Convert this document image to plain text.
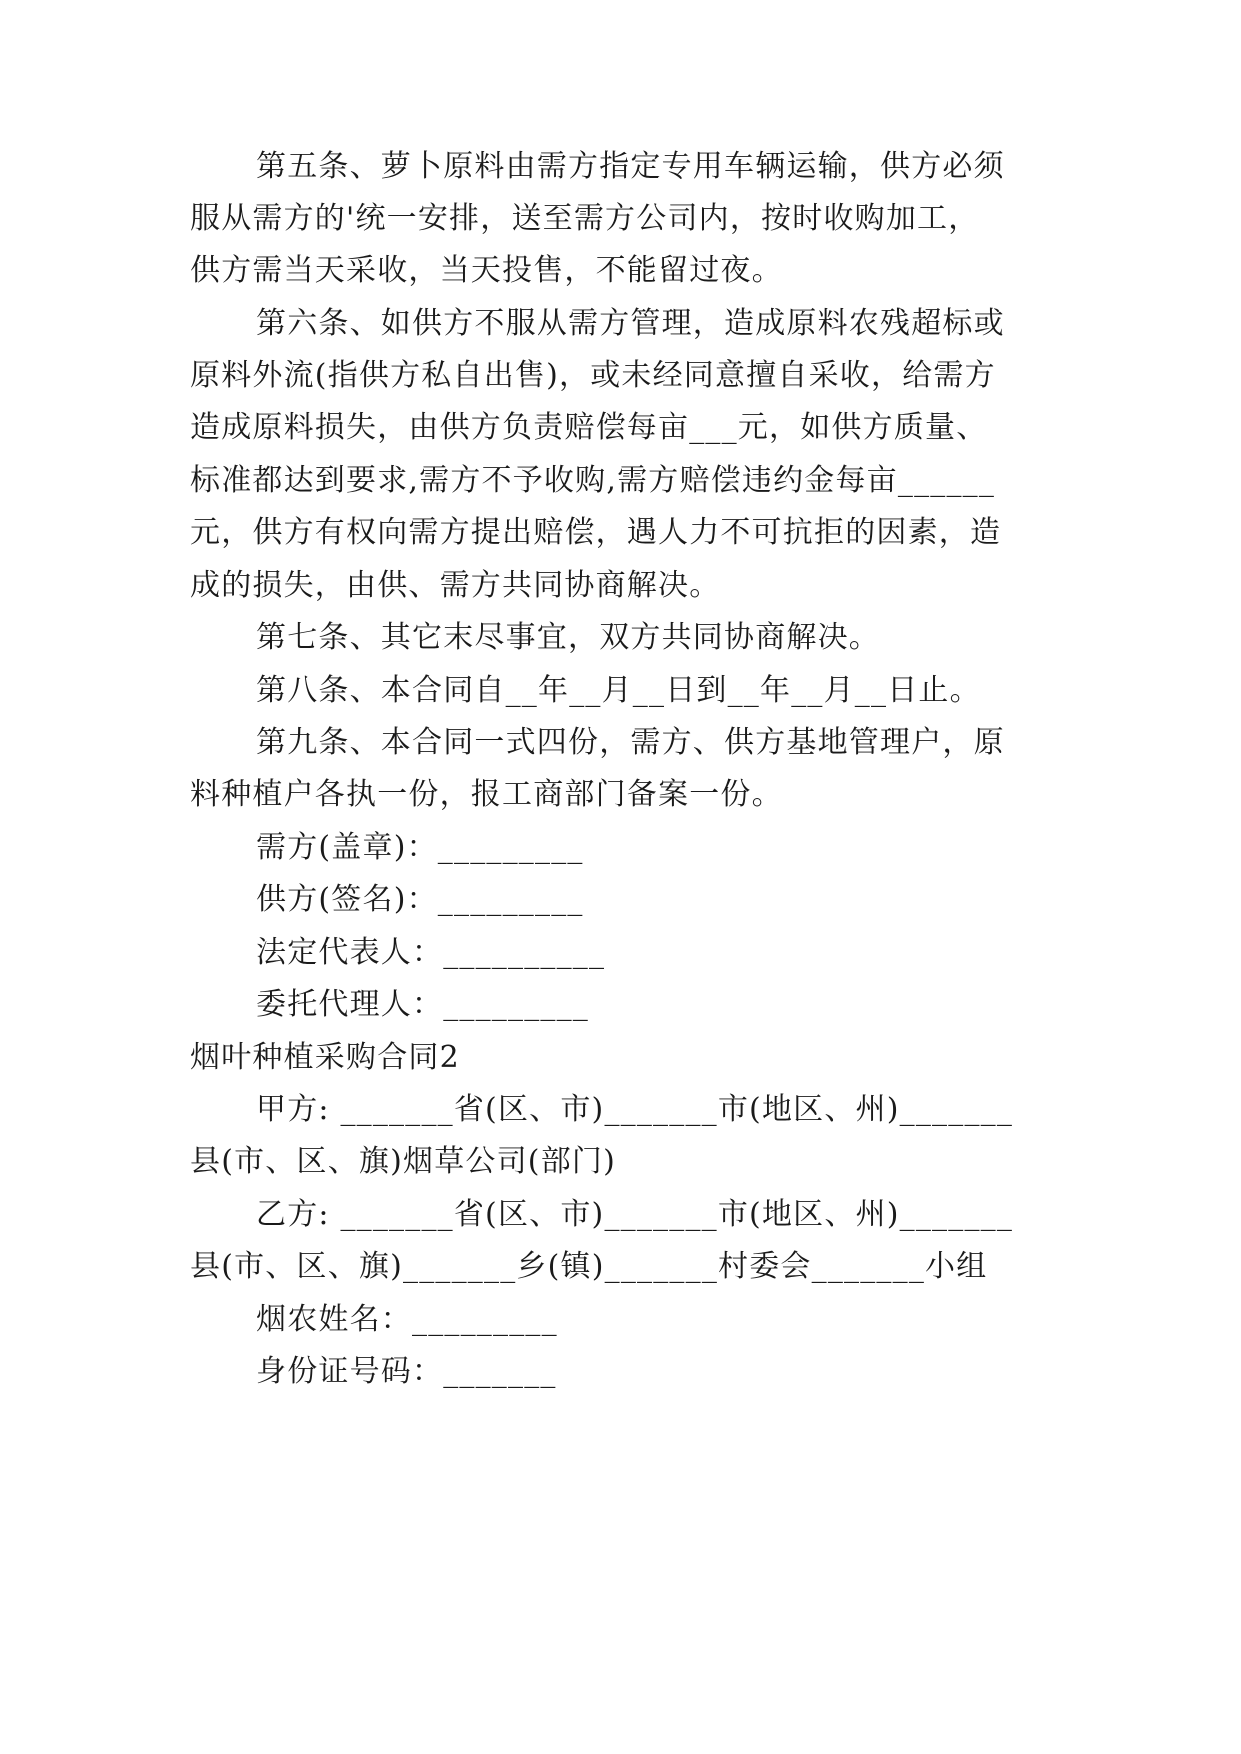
第五条、萝卜原料由需方指定专用车辆运输，供方必须
服从需方的'统一安排，送至需方公司内，按时收购加工，
供方需当天采收，当天投售，不能留过夜。
第六条、如供方不服从需方管理，造成原料农残超标或
原料外流(指供方私自出售)，或未经同意擅自采收，给需方
造成原料损失，由供方负责赔偿每亩___元，如供方质量、
标准都达到要求,需方不予收购,需方赔偿违约金每亩______
元，供方有权向需方提出赔偿，遇人力不可抗拒的因素，造
成的损失，由供、需方共同协商解决。
第七条、其它末尽事宜，双方共同协商解决。
第八条、本合同自__年__月__日到__年__月__日止。
第九条、本合同一式四份，需方、供方基地管理户，原
料种植户各执一份，报工商部门备案一份。
需方(盖章)：_________
供方(签名)：_________
法定代表人：__________
委托代理人：_________
烟叶种植采购合同2
甲方: _______省(区、市)_______市(地区、州)_______
县(市、区、旗)烟草公司(部门)
乙方: _______省(区、市)_______市(地区、州)_______
县(市、区、旗)_______乡(镇)_______村委会_______小组
烟农姓名：_________
身份证号码：_______
